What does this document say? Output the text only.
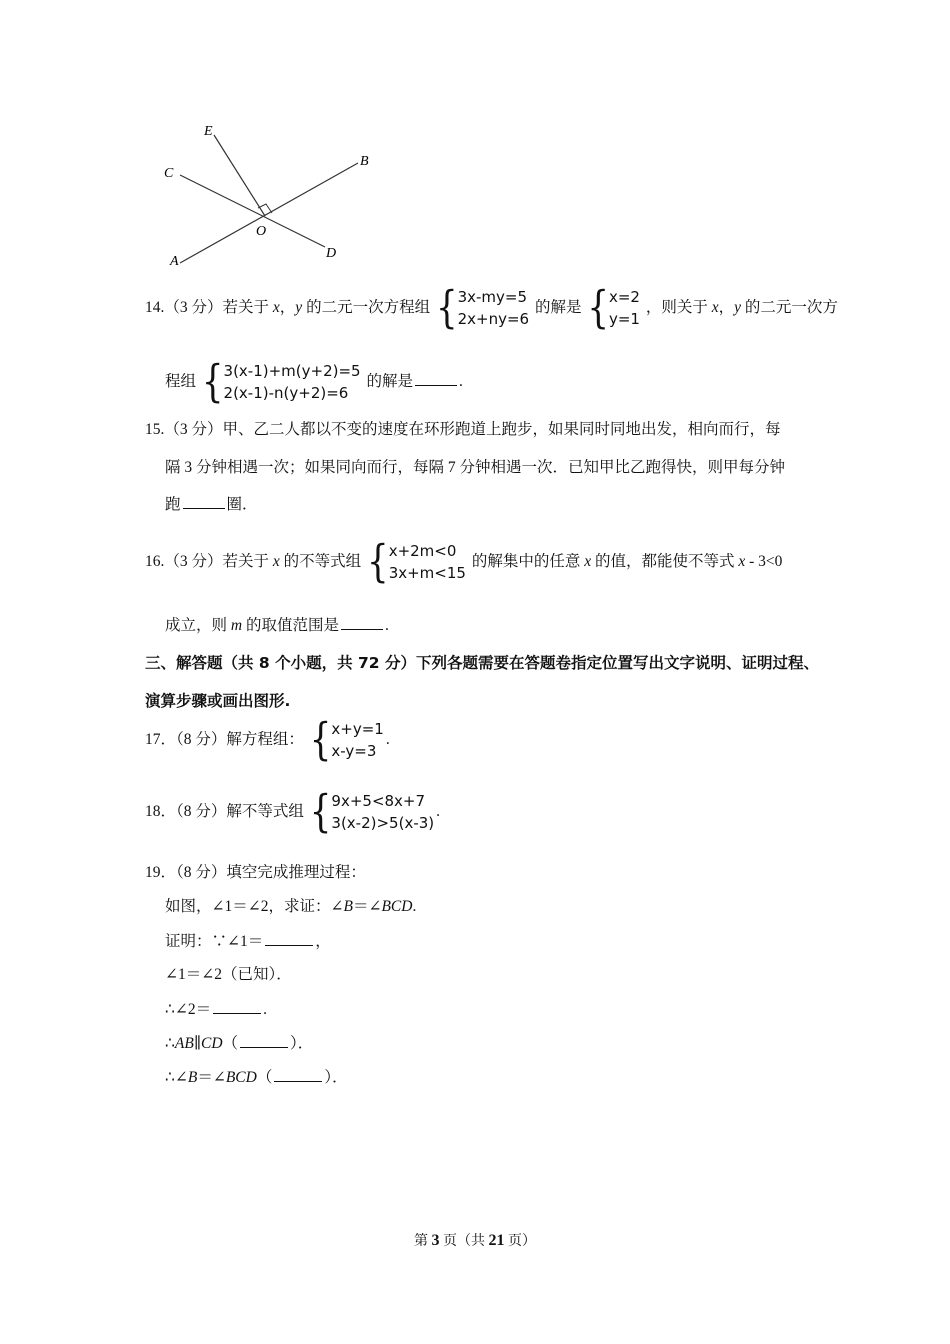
E
C
B
O
A
D
14.（3 分）若关于 x，y 的二元一次方程组 { 3x-my=5
2x+ny=6
的解是 { x=2
y=1
，则关于 x，y 的二元一次方
程组 { 3(x-1)+m(y+2)=5
2(x-1)-n(y+2)=6
的解是	.
15.（3 分）甲、乙二人都以不变的速度在环形跑道上跑步，如果同时同地出发，相向而行，每
隔 3 分钟相遇一次；如果同向而行，每隔 7 分钟相遇一次．已知甲比乙跑得快，则甲每分钟
跑	圈．
16.（3 分）若关于 x 的不等式组 { x+2m<0
3x+m<15
的解集中的任意 x 的值，都能使不等式 x - 3<0
成立，则 m 的取值范围是	.
三、解答题（共 8 个小题，共 72 分）下列各题需要在答题卷指定位置写出文字说明、证明过程、
演算步骤或画出图形.
17．（8 分）解方程组： { x+y=1
x-y=3
.
18．（8 分）解不等式组 { 9x+5<8x+7
3(x-2)>5(x-3)
.
19．（8 分）填空完成推理过程：
如图，∠1＝∠2，求证：∠B＝∠BCD.
证明：∵∠1＝	，
∠1＝∠2（已知）．
∴∠2＝	.
∴AB∥CD（	）．
∴∠B＝∠BCD（	）．
第 3 页（共 21 页）
